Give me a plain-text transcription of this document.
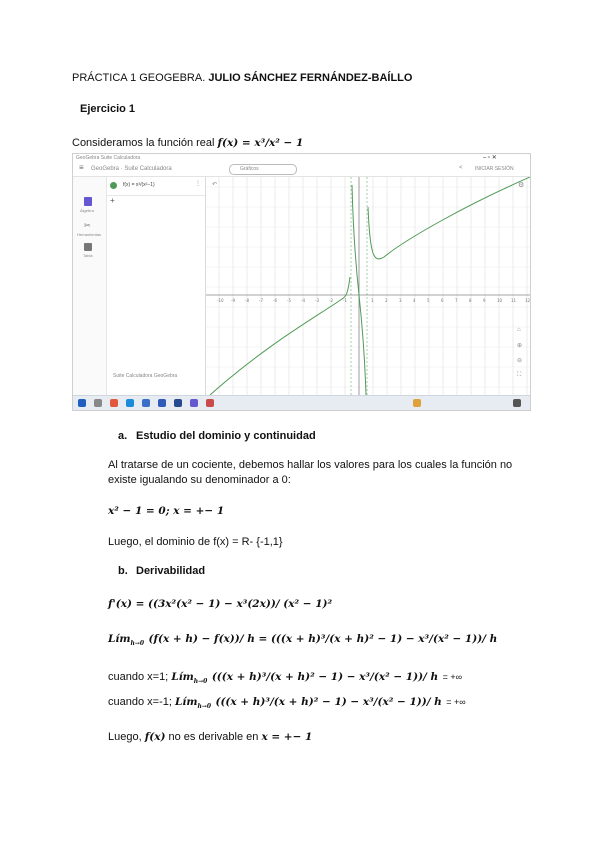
PRÁCTICA 1 GEOGEBRA. JULIO SÁNCHEZ FERNÁNDEZ-BAÍLLO
Ejercicio 1
Consideramos la función real f(x) = x³/x² − 1
GeoGebra Suite Calculadora	– ▫ ✕
≡ GeoGebra · Suite Calculadora	Gráficos	< INICIAR SESIÓN
Álgebra
✂
Herramientas
Tabla
f(x) = x³/(x²−1)	⋮
+
Suite Calculadora GeoGebra
-10 -9	-8	-7	-6	-5	-4	-3	-2	-1	1	2	3	4	5	6	7	8	9	10 11 12
↶	⚙
⌂
⊕
⊖
⛶
a. Estudio del dominio y continuidad
Al tratarse de un cociente, debemos hallar los valores para los cuales la función no
existe igualando su denominador a 0:
x² − 1 = 0; x = +− 1
Luego, el dominio de f(x) = R- {-1,1}
b. Derivabilidad
f'(x) = ((3x²(x² − 1) − x³(2x))/ (x² − 1)²
Límh→0 (f(x + h) − f(x))/ h = (((x + h)³/(x + h)² − 1) − x³/(x² − 1))/ h
cuando x=1; Límh→0 (((x + h)³/(x + h)² − 1) − x³/(x² − 1))/ h = +∞
cuando x=-1; Límh→0 (((x + h)³/(x + h)² − 1) − x³/(x² − 1))/ h = +∞
Luego, f(x) no es derivable en x = +− 1
